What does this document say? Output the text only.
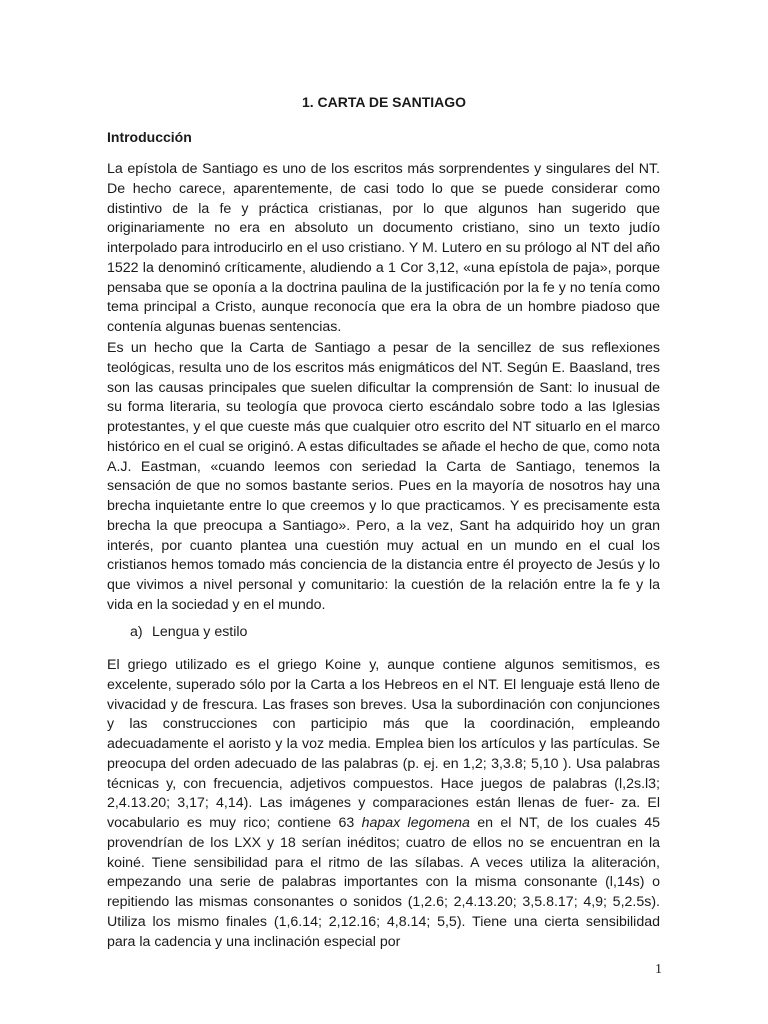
1. CARTA DE SANTIAGO
Introducción

La epístola de Santiago es uno de los escritos más sorprendentes y singulares del NT. De hecho carece, aparentemente, de casi todo lo que se puede considerar como distintivo de la fe y práctica cristianas, por lo que algunos han sugerido que originariamente no era en absoluto un documento cristiano, sino un texto judío interpolado para introducirlo en el uso cristiano. Y M. Lutero en su prólogo al NT del año 1522 la denominó críticamente, aludiendo a 1 Cor 3,12, «una epístola de paja», porque pensaba que se oponía a la doctrina paulina de la justificación por la fe y no tenía como tema principal a Cristo, aunque reconocía que era la obra de un hombre piadoso que contenía algunas buenas sentencias.

Es un hecho que la Carta de Santiago a pesar de la sencillez de sus reflexiones teológicas, resulta uno de los escritos más enigmáticos del NT. Según E. Baasland, tres son las causas principales que suelen dificultar la comprensión de Sant: lo inusual de su forma literaria, su teología que provoca cierto escándalo sobre todo a las Iglesias protestantes, y el que cueste más que cualquier otro escrito del NT situarlo en el marco histórico en el cual se originó. A estas dificultades se añade el hecho de que, como nota A.J. Eastman, «cuando leemos con seriedad la Carta de Santiago, tenemos la sensación de que no somos bastante serios. Pues en la mayoría de nosotros hay una brecha inquietante entre lo que creemos y lo que practicamos. Y es precisamente esta brecha la que preocupa a Santiago». Pero, a la vez, Sant ha adquirido hoy un gran interés, por cuanto plantea una cuestión muy actual en un mundo en el cual los cristianos hemos tomado más conciencia de la distancia entre él proyecto de Jesús y lo que vivimos a nivel personal y comunitario: la cuestión de la relación entre la fe y la vida en la sociedad y en el mundo.

a) Lengua y estilo

El griego utilizado es el griego Koine y, aunque contiene algunos semitismos, es excelente, superado sólo por la Carta a los Hebreos en el NT. El lenguaje está lleno de vivacidad y de frescura. Las frases son breves. Usa la subordinación con conjunciones y las construcciones con participio más que la coordinación, empleando adecuadamente el aoristo y la voz media. Emplea bien los artículos y las partículas. Se preocupa del orden adecuado de las palabras (p. ej. en 1,2; 3,3.8; 5,10 ). Usa palabras técnicas y, con frecuencia, adjetivos compuestos. Hace juegos de palabras (l,2s.l3; 2,4.13.20; 3,17; 4,14). Las imágenes y comparaciones están llenas de fuer- za. El vocabulario es muy rico; contiene 63 hapax legomena en el NT, de los cuales 45 provendrían de los LXX y 18 serían inéditos; cuatro de ellos no se encuentran en la koiné. Tiene sensibilidad para el ritmo de las sílabas. A veces utiliza la aliteración, empezando una serie de palabras importantes con la misma consonante (l,14s) o repitiendo las mismas consonantes o sonidos (1,2.6; 2,4.13.20; 3,5.8.17; 4,9; 5,2.5s). Utiliza los mismo finales (1,6.14; 2,12.16; 4,8.14; 5,5). Tiene una cierta sensibilidad para la cadencia y una inclinación especial por

1
